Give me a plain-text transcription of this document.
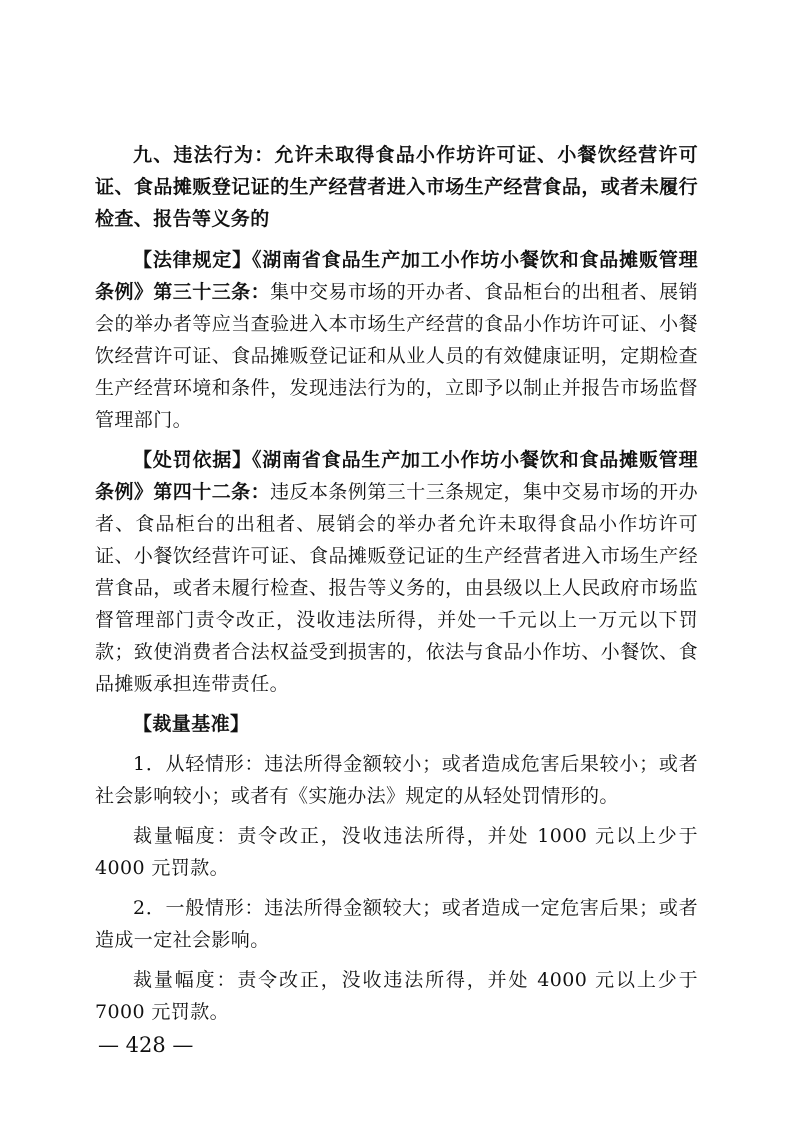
九、违法行为：允许未取得食品小作坊许可证、小餐饮经营许可证、食品摊贩登记证的生产经营者进入市场生产经营食品，或者未履行检查、报告等义务的

【法律规定】《湖南省食品生产加工小作坊小餐饮和食品摊贩管理条例》第三十三条：集中交易市场的开办者、食品柜台的出租者、展销会的举办者等应当查验进入本市场生产经营的食品小作坊许可证、小餐饮经营许可证、食品摊贩登记证和从业人员的有效健康证明，定期检查生产经营环境和条件，发现违法行为的，立即予以制止并报告市场监督管理部门。

【处罚依据】《湖南省食品生产加工小作坊小餐饮和食品摊贩管理条例》第四十二条：违反本条例第三十三条规定，集中交易市场的开办者、食品柜台的出租者、展销会的举办者允许未取得食品小作坊许可证、小餐饮经营许可证、食品摊贩登记证的生产经营者进入市场生产经营食品，或者未履行检查、报告等义务的，由县级以上人民政府市场监督管理部门责令改正，没收违法所得，并处一千元以上一万元以下罚款；致使消费者合法权益受到损害的，依法与食品小作坊、小餐饮、食品摊贩承担连带责任。

【裁量基准】

1．从轻情形：违法所得金额较小；或者造成危害后果较小；或者社会影响较小；或者有《实施办法》规定的从轻处罚情形的。

裁量幅度：责令改正，没收违法所得，并处 1000 元以上少于 4000 元罚款。

2．一般情形：违法所得金额较大；或者造成一定危害后果；或者造成一定社会影响。

裁量幅度：责令改正，没收违法所得，并处 4000 元以上少于 7000 元罚款。

— 428 —
